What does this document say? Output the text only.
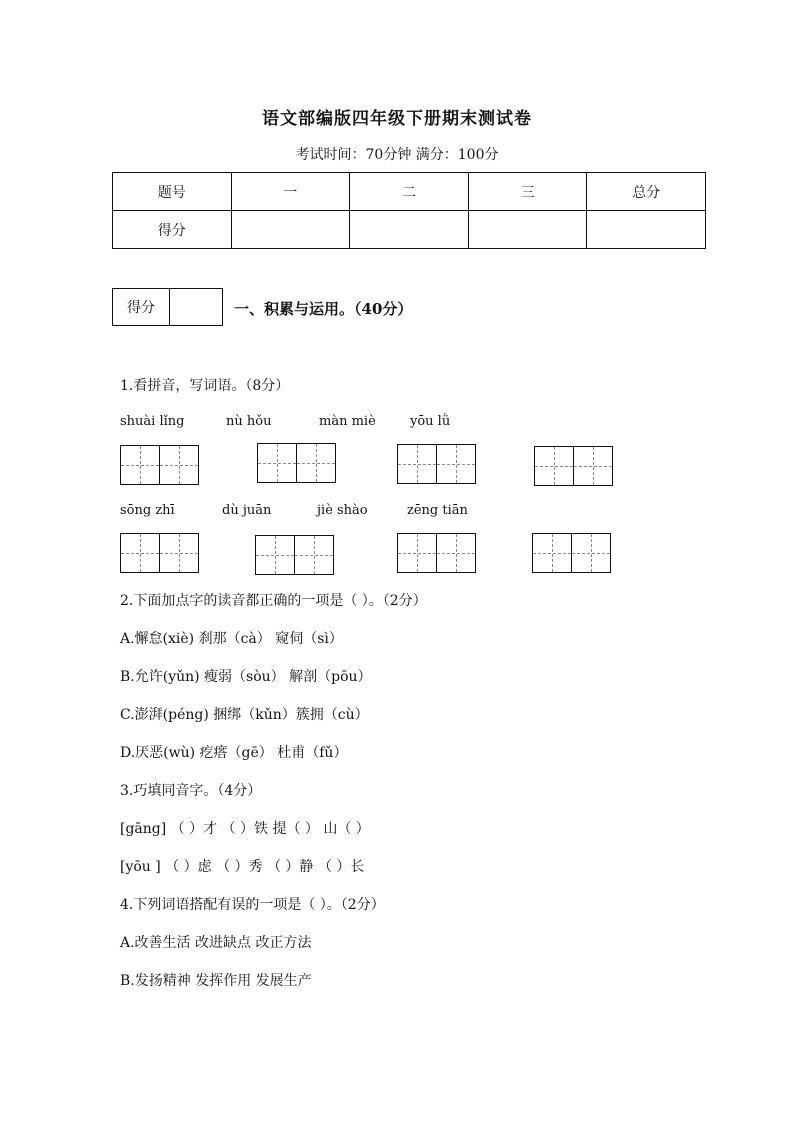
语文部编版四年级下册期末测试卷
考试时间：70分钟 满分：100分
题号	一	二	三	总分
得分				
得分	一、积累与运用。（40分）
1.看拼音，写词语。（8分）
shuài lǐng	nù hǒu	màn miè	yōu lǜ
sōng zhī	dù juān	jiè shào	zēng tiān
2.下面加点字的读音都正确的一项是（ ）。（2分）
A.懈怠(xiè) 刹那（cà） 窥伺（sì）
B.允许(yǔn) 瘦弱（sòu） 解剖（pōu）
C.澎湃(péng) 捆绑（kǔn）簇拥（cù）
D.厌恶(wù) 疙瘩（gē） 杜甫（fǔ）
3.巧填同音字。（4分）
[gāng] （ ）才 （ ）铁 提（ ） 山（ ）
[yōu ] （ ）虑 （ ）秀 （ ）静 （ ）长
4.下列词语搭配有误的一项是（ ）。（2分）
A.改善生活 改进缺点 改正方法
B.发扬精神 发挥作用 发展生产
